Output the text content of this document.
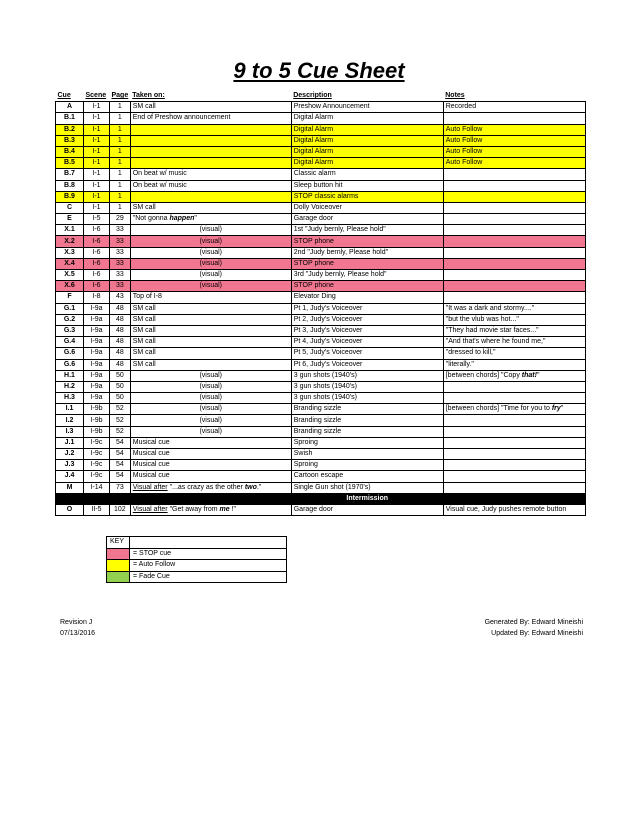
9 to 5 Cue Sheet
Cue	Scene	Page	Taken on:	Description	Notes
A	I-1	1	SM call	Preshow Announcement	Recorded
B.1	I-1	1	End of Preshow announcement	Digital Alarm	
B.2	I-1	1		Digital Alarm	Auto Follow
B.3	I-1	1		Digital Alarm	Auto Follow
B.4	I-1	1		Digital Alarm	Auto Follow
B.5	I-1	1		Digital Alarm	Auto Follow
B.7	I-1	1	On beat w/ music	Classic alarm	
B.8	I-1	1	On beat w/ music	Sleep button hit	
B.9	I-1	1		STOP classic alarms	
C	I-1	1	SM call	Dolly Voiceover	
E	I-5	29	"Not gonna happen"	Garage door	
X.1	I-6	33	(visual)	1st "Judy bernly, Please hold"	
X.2	I-6	33	(visual)	STOP phone	
X.3	I-6	33	(visual)	2nd "Judy bernly, Please hold"	
X.4	I-6	33	(visual)	STOP phone	
X.5	I-6	33	(visual)	3rd "Judy bernly, Please hold"	
X.6	I-6	33	(visual)	STOP phone	
F	I-8	43	Top of I-8	Elevator Ding	
G.1	I-9a	48	SM call	Pt 1, Judy's Voiceover	"It was a dark and stormy...."
G.2	I-9a	48	SM call	Pt 2, Judy's Voiceover	"but the vlub was hot..."
G.3	I-9a	48	SM call	Pt 3, Judy's Voiceover	"They had movie star faces..."
G.4	I-9a	48	SM call	Pt 4, Judy's Voiceover	"And that's where he found me,"
G.6	I-9a	48	SM call	Pt 5, Judy's Voiceover	"dressed to kill,"
G.6	I-9a	48	SM call	Pt 6, Judy's Voiceover	"literally."
H.1	I-9a	50	(visual)	3 gun shots (1940's)	[between chords] "Copy that!"
H.2	I-9a	50	(visual)	3 gun shots (1940's)	
H.3	I-9a	50	(visual)	3 gun shots (1940's)	
I.1	I-9b	52	(visual)	Branding sizzle	[between chords] "Time for you to fry"
I.2	I-9b	52	(visual)	Branding sizzle	
I.3	I-9b	52	(visual)	Branding sizzle	
J.1	I-9c	54	Musical cue	Sproing	
J.2	I-9c	54	Musical cue	Swish	
J.3	I-9c	54	Musical cue	Sproing	
J.4	I-9c	54	Musical cue	Cartoon escape	
M	I-14	73	Visual after "...as crazy as the other two."	Single Gun shot (1970's)	
				Intermission	
O	II-5	102	Visual after "Get away from me !"	Garage door	Visual cue, Judy pushes remote button
KEY	
	= STOP cue
	= Auto Follow
	= Fade Cue
Revision J
07/13/2016
Generated By: Edward Mineishi
Updated By: Edward Mineishi
